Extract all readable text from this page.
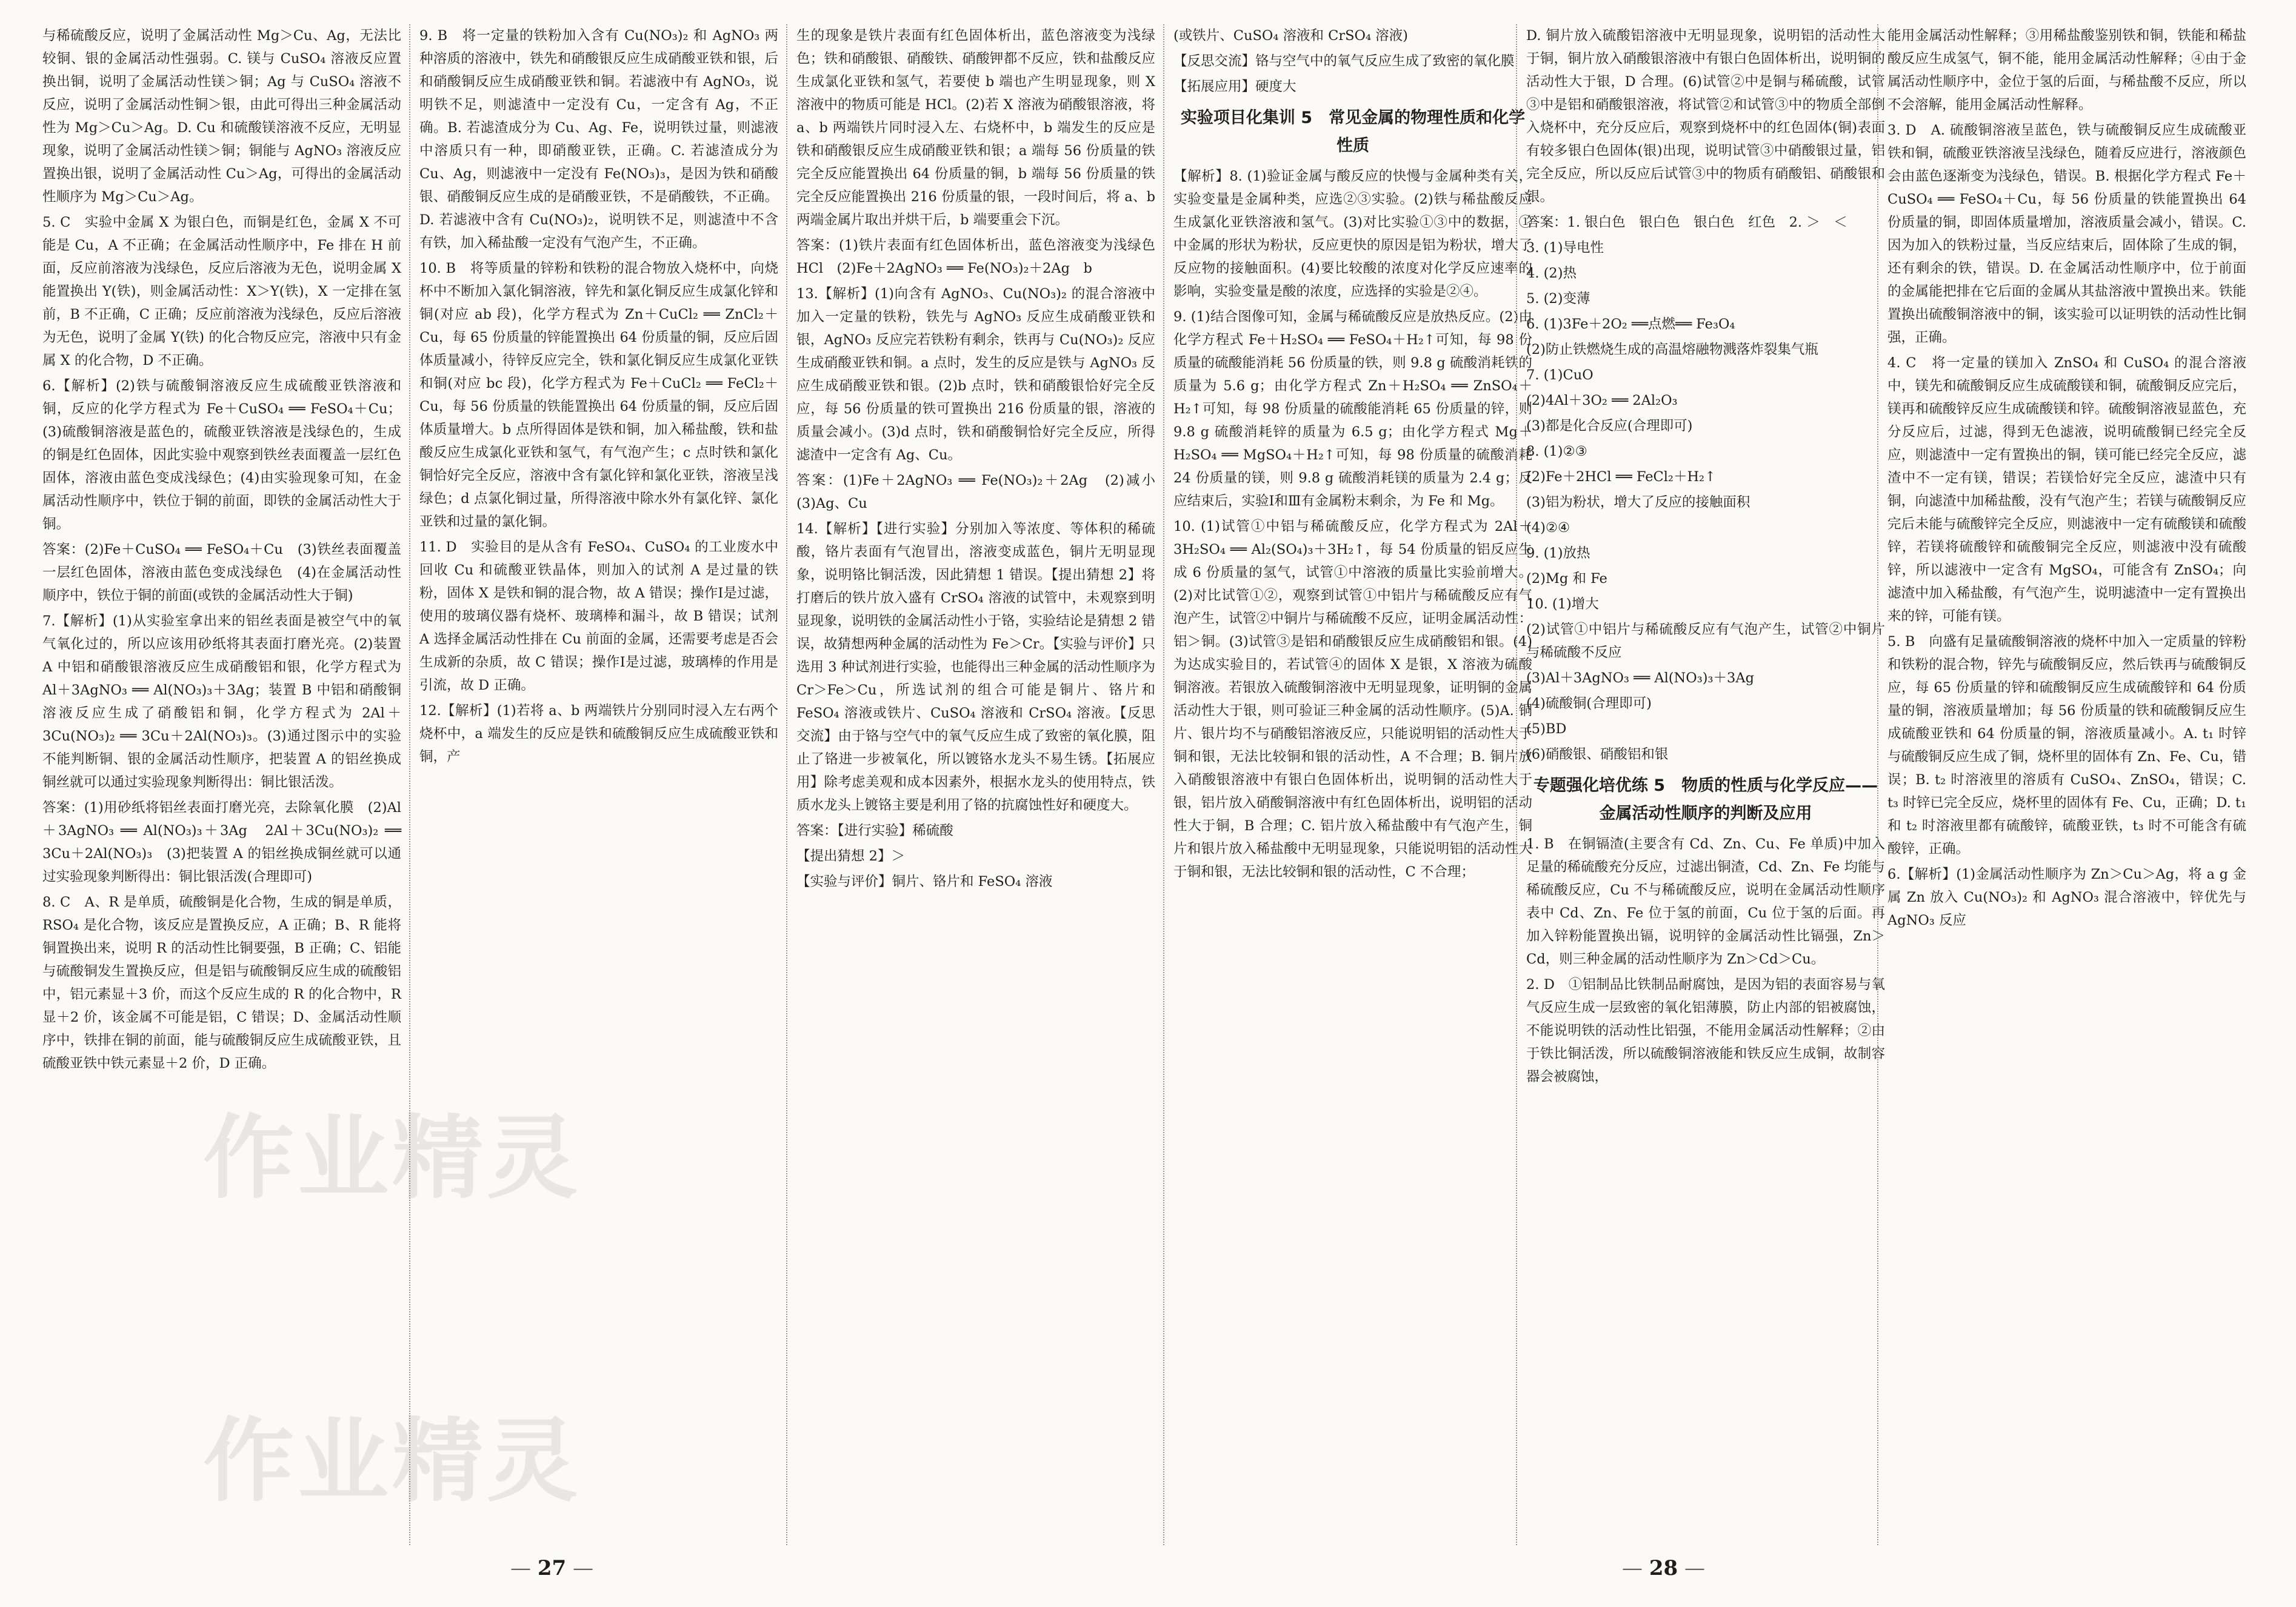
与稀硫酸反应，说明了金属活动性 Mg＞Cu、Ag，无法比较铜、银的金属活动性强弱。C. 镁与 CuSO₄ 溶液反应置换出铜，说明了金属活动性镁＞铜；Ag 与 CuSO₄ 溶液不反应，说明了金属活动性铜＞银，由此可得出三种金属活动性为 Mg＞Cu＞Ag。D. Cu 和硫酸镁溶液不反应，无明显现象，说明了金属活动性镁＞铜；铜能与 AgNO₃ 溶液反应置换出银，说明了金属活动性 Cu＞Ag，可得出的金属活动性顺序为 Mg＞Cu＞Ag。

5. C　实验中金属 X 为银白色，而铜是红色，金属 X 不可能是 Cu，A 不正确；在金属活动性顺序中，Fe 排在 H 前面，反应前溶液为浅绿色，反应后溶液为无色，说明金属 X 能置换出 Y(铁)，则金属活动性：X＞Y(铁)，X 一定排在氢前，B 不正确，C 正确；反应前溶液为浅绿色，反应后溶液为无色，说明了金属 Y(铁) 的化合物反应完，溶液中只有金属 X 的化合物，D 不正确。

6.【解析】(2)铁与硫酸铜溶液反应生成硫酸亚铁溶液和铜，反应的化学方程式为 Fe＋CuSO₄ ══ FeSO₄＋Cu；(3)硫酸铜溶液是蓝色的，硫酸亚铁溶液是浅绿色的，生成的铜是红色固体，因此实验中观察到铁丝表面覆盖一层红色固体，溶液由蓝色变成浅绿色；(4)由实验现象可知，在金属活动性顺序中，铁位于铜的前面，即铁的金属活动性大于铜。

答案：(2)Fe＋CuSO₄ ══ FeSO₄＋Cu　(3)铁丝表面覆盖一层红色固体，溶液由蓝色变成浅绿色　(4)在金属活动性顺序中，铁位于铜的前面(或铁的金属活动性大于铜)

7.【解析】(1)从实验室拿出来的铝丝表面是被空气中的氧气氧化过的，所以应该用砂纸将其表面打磨光亮。(2)装置 A 中铝和硝酸银溶液反应生成硝酸铝和银，化学方程式为 Al＋3AgNO₃ ══ Al(NO₃)₃＋3Ag；装置 B 中铝和硝酸铜溶液反应生成了硝酸铝和铜，化学方程式为 2Al＋3Cu(NO₃)₂ ══ 3Cu＋2Al(NO₃)₃。(3)通过图示中的实验不能判断铜、银的金属活动性顺序，把装置 A 的铝丝换成铜丝就可以通过实验现象判断得出：铜比银活泼。

答案：(1)用砂纸将铝丝表面打磨光亮，去除氧化膜　(2)Al＋3AgNO₃ ══ Al(NO₃)₃＋3Ag　2Al＋3Cu(NO₃)₂ ══ 3Cu＋2Al(NO₃)₃　(3)把装置 A 的铝丝换成铜丝就可以通过实验现象判断得出：铜比银活泼(合理即可)

8. C　A、R 是单质，硫酸铜是化合物，生成的铜是单质，RSO₄ 是化合物，该反应是置换反应，A 正确；B、R 能将铜置换出来，说明 R 的活动性比铜要强，B 正确；C、铝能与硫酸铜发生置换反应，但是铝与硫酸铜反应生成的硫酸铝中，铝元素显＋3 价，而这个反应生成的 R 的化合物中，R 显＋2 价，该金属不可能是铝，C 错误；D、金属活动性顺序中，铁排在铜的前面，能与硫酸铜反应生成硫酸亚铁，且硫酸亚铁中铁元素显＋2 价，D 正确。

9. B　将一定量的铁粉加入含有 Cu(NO₃)₂ 和 AgNO₃ 两种溶质的溶液中，铁先和硝酸银反应生成硝酸亚铁和银，后和硝酸铜反应生成硝酸亚铁和铜。若滤液中有 AgNO₃，说明铁不足，则滤渣中一定没有 Cu，一定含有 Ag，不正确。B. 若滤渣成分为 Cu、Ag、Fe，说明铁过量，则滤液中溶质只有一种，即硝酸亚铁，正确。C. 若滤渣成分为 Cu、Ag，则滤液中一定没有 Fe(NO₃)₃，是因为铁和硝酸银、硝酸铜反应生成的是硝酸亚铁，不是硝酸铁，不正确。D. 若滤液中含有 Cu(NO₃)₂，说明铁不足，则滤渣中不含有铁，加入稀盐酸一定没有气泡产生，不正确。

10. B　将等质量的锌粉和铁粉的混合物放入烧杯中，向烧杯中不断加入氯化铜溶液，锌先和氯化铜反应生成氯化锌和铜(对应 ab 段)，化学方程式为 Zn＋CuCl₂ ══ ZnCl₂＋Cu，每 65 份质量的锌能置换出 64 份质量的铜，反应后固体质量减小，待锌反应完全，铁和氯化铜反应生成氯化亚铁和铜(对应 bc 段)，化学方程式为 Fe＋CuCl₂ ══ FeCl₂＋Cu，每 56 份质量的铁能置换出 64 份质量的铜，反应后固体质量增大。b 点所得固体是铁和铜，加入稀盐酸，铁和盐酸反应生成氯化亚铁和氢气，有气泡产生；c 点时铁和氯化铜恰好完全反应，溶液中含有氯化锌和氯化亚铁，溶液呈浅绿色；d 点氯化铜过量，所得溶液中除水外有氯化锌、氯化亚铁和过量的氯化铜。

11. D　实验目的是从含有 FeSO₄、CuSO₄ 的工业废水中回收 Cu 和硫酸亚铁晶体，则加入的试剂 A 是过量的铁粉，固体 X 是铁和铜的混合物，故 A 错误；操作Ⅰ是过滤，使用的玻璃仪器有烧杯、玻璃棒和漏斗，故 B 错误；试剂 A 选择金属活动性排在 Cu 前面的金属，还需要考虑是否会生成新的杂质，故 C 错误；操作Ⅰ是过滤，玻璃棒的作用是引流，故 D 正确。

12.【解析】(1)若将 a、b 两端铁片分别同时浸入左右两个烧杯中，a 端发生的反应是铁和硫酸铜反应生成硫酸亚铁和铜，产

生的现象是铁片表面有红色固体析出，蓝色溶液变为浅绿色；铁和硝酸银、硝酸铁、硝酸钾都不反应，铁和盐酸反应生成氯化亚铁和氢气，若要使 b 端也产生明显现象，则 X 溶液中的物质可能是 HCl。(2)若 X 溶液为硝酸银溶液，将 a、b 两端铁片同时浸入左、右烧杯中，b 端发生的反应是铁和硝酸银反应生成硝酸亚铁和银；a 端每 56 份质量的铁完全反应能置换出 64 份质量的铜，b 端每 56 份质量的铁完全反应能置换出 216 份质量的银，一段时间后，将 a、b 两端金属片取出并烘干后，b 端要重会下沉。

答案：(1)铁片表面有红色固体析出，蓝色溶液变为浅绿色　HCl　(2)Fe＋2AgNO₃ ══ Fe(NO₃)₂＋2Ag　b

13.【解析】(1)向含有 AgNO₃、Cu(NO₃)₂ 的混合溶液中加入一定量的铁粉，铁先与 AgNO₃ 反应生成硝酸亚铁和银，AgNO₃ 反应完若铁粉有剩余，铁再与 Cu(NO₃)₂ 反应生成硝酸亚铁和铜。a 点时，发生的反应是铁与 AgNO₃ 反应生成硝酸亚铁和银。(2)b 点时，铁和硝酸银恰好完全反应，每 56 份质量的铁可置换出 216 份质量的银，溶液的质量会减小。(3)d 点时，铁和硝酸铜恰好完全反应，所得滤渣中一定含有 Ag、Cu。

答案：(1)Fe＋2AgNO₃ ══ Fe(NO₃)₂＋2Ag　(2)减小　(3)Ag、Cu

14.【解析】【进行实验】分别加入等浓度、等体积的稀硫酸，铬片表面有气泡冒出，溶液变成蓝色，铜片无明显现象，说明铬比铜活泼，因此猜想 1 错误。【提出猜想 2】将打磨后的铁片放入盛有 CrSO₄ 溶液的试管中，未观察到明显现象，说明铁的金属活动性小于铬，实验结论是猜想 2 错误，故猜想两种金属的活动性为 Fe＞Cr。【实验与评价】只选用 3 种试剂进行实验，也能得出三种金属的活动性顺序为 Cr＞Fe＞Cu，所选试剂的组合可能是铜片、铬片和 FeSO₄ 溶液或铁片、CuSO₄ 溶液和 CrSO₄ 溶液。【反思交流】由于铬与空气中的氧气反应生成了致密的氧化膜，阻止了铬进一步被氧化，所以镀铬水龙头不易生锈。【拓展应用】除考虑美观和成本因素外，根据水龙头的使用特点，铁质水龙头上镀铬主要是利用了铬的抗腐蚀性好和硬度大。

答案：【进行实验】稀硫酸

【提出猜想 2】＞

【实验与评价】铜片、铬片和 FeSO₄ 溶液

(或铁片、CuSO₄ 溶液和 CrSO₄ 溶液)

【反思交流】铬与空气中的氧气反应生成了致密的氧化膜

【拓展应用】硬度大

实验项目化集训 5　常见金属的物理性质和化学性质

【解析】8. (1)验证金属与酸反应的快慢与金属种类有关，实验变量是金属种类，应选②③实验。(2)铁与稀盐酸反应生成氯化亚铁溶液和氢气。(3)对比实验①③中的数据，①中金属的形状为粉状，反应更快的原因是铝为粉状，增大了反应物的接触面积。(4)要比较酸的浓度对化学反应速率的影响，实验变量是酸的浓度，应选择的实验是②④。

9. (1)结合图像可知，金属与稀硫酸反应是放热反应。(2)由化学方程式 Fe＋H₂SO₄ ══ FeSO₄＋H₂↑可知，每 98 份质量的硫酸能消耗 56 份质量的铁，则 9.8 g 硫酸消耗铁的质量为 5.6 g；由化学方程式 Zn＋H₂SO₄ ══ ZnSO₄＋H₂↑可知，每 98 份质量的硫酸能消耗 65 份质量的锌，则 9.8 g 硫酸消耗锌的质量为 6.5 g；由化学方程式 Mg＋H₂SO₄ ══ MgSO₄＋H₂↑可知，每 98 份质量的硫酸消耗 24 份质量的镁，则 9.8 g 硫酸消耗镁的质量为 2.4 g；反应结束后，实验Ⅰ和Ⅲ有金属粉末剩余，为 Fe 和 Mg。

10. (1)试管①中铝与稀硫酸反应，化学方程式为 2Al＋3H₂SO₄ ══ Al₂(SO₄)₃＋3H₂↑，每 54 份质量的铝反应生成 6 份质量的氢气，试管①中溶液的质量比实验前增大。(2)对比试管①②，观察到试管①中铝片与稀硫酸反应有气泡产生，试管②中铜片与稀硫酸不反应，证明金属活动性：铝＞铜。(3)试管③是铝和硝酸银反应生成硝酸铝和银。(4)为达成实验目的，若试管④的固体 X 是银，X 溶液为硫酸铜溶液。若银放入硫酸铜溶液中无明显现象，证明铜的金属活动性大于银，则可验证三种金属的活动性顺序。(5)A. 铜片、银片均不与硝酸铝溶液反应，只能说明铝的活动性大于铜和银，无法比较铜和银的活动性，A 不合理；B. 铜片放入硝酸银溶液中有银白色固体析出，说明铜的活动性大于银，铝片放入硝酸铜溶液中有红色固体析出，说明铝的活动性大于铜，B 合理；C. 铝片放入稀盐酸中有气泡产生，铜片和银片放入稀盐酸中无明显现象，只能说明铝的活动性大于铜和银，无法比较铜和银的活动性，C 不合理；

D. 铜片放入硫酸铝溶液中无明显现象，说明铝的活动性大于铜，铜片放入硝酸银溶液中有银白色固体析出，说明铜的活动性大于银，D 合理。(6)试管②中是铜与稀硫酸，试管③中是铝和硝酸银溶液，将试管②和试管③中的物质全部倒入烧杯中，充分反应后，观察到烧杯中的红色固体(铜)表面有较多银白色固体(银)出现，说明试管③中硝酸银过量，铝完全反应，所以反应后试管③中的物质有硝酸铝、硝酸银和银。

答案：1. 银白色　银白色　银白色　红色　2. ＞　＜

3. (1)导电性

4. (2)热

5. (2)变薄

6. (1)3Fe＋2O₂ ══点燃══ Fe₃O₄

(2)防止铁燃烧生成的高温熔融物溅落炸裂集气瓶

7. (1)CuO

(2)4Al＋3O₂ ══ 2Al₂O₃

(3)都是化合反应(合理即可)

8. (1)②③

(2)Fe＋2HCl ══ FeCl₂＋H₂↑

(3)铝为粉状，增大了反应的接触面积

(4)②④

9. (1)放热

(2)Mg 和 Fe

10. (1)增大

(2)试管①中铝片与稀硫酸反应有气泡产生，试管②中铜片与稀硫酸不反应

(3)Al＋3AgNO₃ ══ Al(NO₃)₃＋3Ag

(4)硫酸铜(合理即可)

(5)BD

(6)硝酸银、硝酸铝和银

专题强化培优练 5　物质的性质与化学反应——金属活动性顺序的判断及应用

1. B　在铜镉渣(主要含有 Cd、Zn、Cu、Fe 单质)中加入足量的稀硫酸充分反应，过滤出铜渣，Cd、Zn、Fe 均能与稀硫酸反应，Cu 不与稀硫酸反应，说明在金属活动性顺序表中 Cd、Zn、Fe 位于氢的前面，Cu 位于氢的后面。再加入锌粉能置换出镉，说明锌的金属活动性比镉强，Zn＞Cd，则三种金属的活动性顺序为 Zn＞Cd＞Cu。

2. D　①铝制品比铁制品耐腐蚀，是因为铝的表面容易与氧气反应生成一层致密的氧化铝薄膜，防止内部的铝被腐蚀，不能说明铁的活动性比铝强，不能用金属活动性解释；②由于铁比铜活泼，所以硫酸铜溶液能和铁反应生成铜，故制容器会被腐蚀，

能用金属活动性解释；③用稀盐酸鉴别铁和铜，铁能和稀盐酸反应生成氢气，铜不能，能用金属活动性解释；④由于金属活动性顺序中，金位于氢的后面，与稀盐酸不反应，所以不会溶解，能用金属活动性解释。

3. D　A. 硫酸铜溶液呈蓝色，铁与硫酸铜反应生成硫酸亚铁和铜，硫酸亚铁溶液呈浅绿色，随着反应进行，溶液颜色会由蓝色逐渐变为浅绿色，错误。B. 根据化学方程式 Fe＋CuSO₄ ══ FeSO₄＋Cu，每 56 份质量的铁能置换出 64 份质量的铜，即固体质量增加，溶液质量会减小，错误。C. 因为加入的铁粉过量，当反应结束后，固体除了生成的铜，还有剩余的铁，错误。D. 在金属活动性顺序中，位于前面的金属能把排在它后面的金属从其盐溶液中置换出来。铁能置换出硫酸铜溶液中的铜，该实验可以证明铁的活动性比铜强，正确。

4. C　将一定量的镁加入 ZnSO₄ 和 CuSO₄ 的混合溶液中，镁先和硫酸铜反应生成硫酸镁和铜，硫酸铜反应完后，镁再和硫酸锌反应生成硫酸镁和锌。硫酸铜溶液显蓝色，充分反应后，过滤，得到无色滤液，说明硫酸铜已经完全反应，则滤渣中一定有置换出的铜，镁可能已经完全反应，滤渣中不一定有镁，错误；若镁恰好完全反应，滤渣中只有铜，向滤渣中加稀盐酸，没有气泡产生；若镁与硫酸铜反应完后未能与硫酸锌完全反应，则滤液中一定有硫酸镁和硫酸锌，若镁将硫酸锌和硫酸铜完全反应，则滤液中没有硫酸锌，所以滤液中一定含有 MgSO₄，可能含有 ZnSO₄；向滤渣中加入稀盐酸，有气泡产生，说明滤渣中一定有置换出来的锌，可能有镁。

5. B　向盛有足量硫酸铜溶液的烧杯中加入一定质量的锌粉和铁粉的混合物，锌先与硫酸铜反应，然后铁再与硫酸铜反应，每 65 份质量的锌和硫酸铜反应生成硫酸锌和 64 份质量的铜，溶液质量增加；每 56 份质量的铁和硫酸铜反应生成硫酸亚铁和 64 份质量的铜，溶液质量减小。A. t₁ 时锌与硫酸铜反应生成了铜，烧杯里的固体有 Zn、Fe、Cu，错误；B. t₂ 时溶液里的溶质有 CuSO₄、ZnSO₄，错误；C. t₃ 时锌已完全反应，烧杯里的固体有 Fe、Cu，正确；D. t₁ 和 t₂ 时溶液里都有硫酸锌，硫酸亚铁，t₃ 时不可能含有硫酸锌，正确。

6.【解析】(1)金属活动性顺序为 Zn＞Cu＞Ag，将 a g 金属 Zn 放入 Cu(NO₃)₂ 和 AgNO₃ 混合溶液中，锌优先与 AgNO₃ 反应

— 27 —
—	28 —
作业精灵
作业精灵
